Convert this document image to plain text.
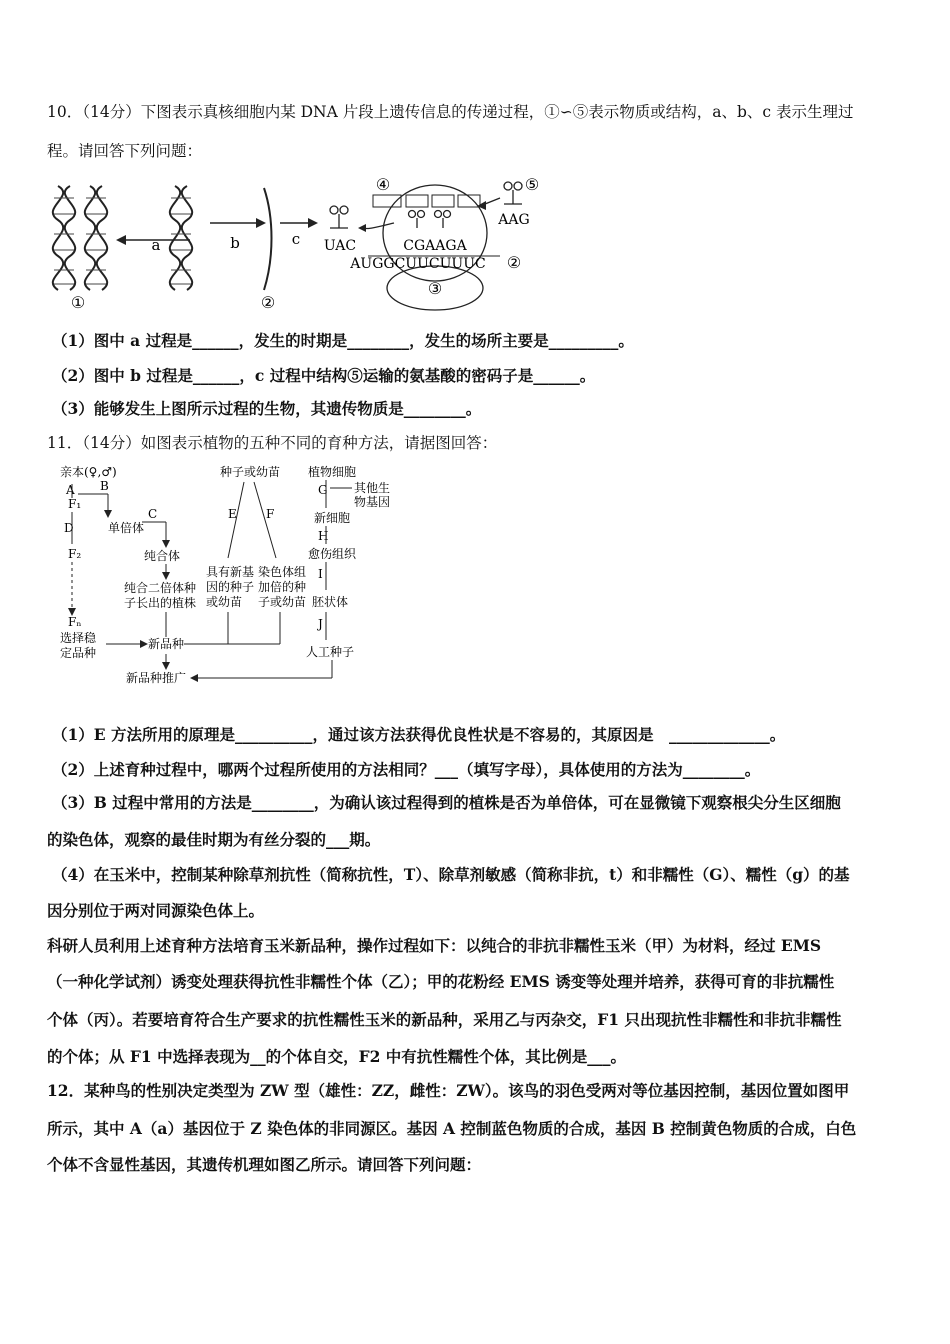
10．（14分）下图表示真核细胞内某 DNA 片段上遗传信息的传递过程，①∽⑤表示物质或结构，a、b、c 表示生理过
程。请回答下列问题：
①
a	b
②
c UAC
③
④	⑤
AAG
CGAAGA
AUGGCUUCUUUC ②
（1）图中 a 过程是______，发生的时期是________，发生的场所主要是_________。
（2）图中 b 过程是______，c 过程中结构⑤运输的氨基酸的密码子是______。
（3）能够发生上图所示过程的生物，其遗传物质是________。
11．（14分）如图表示植物的五种不同的育种方法，请据图回答：
亲本(♀,♂)
A
F₁
B
单倍体
D
F₂
C
纯合体
纯合二倍体种
子长出的植株
Fₙ
选择稳
定品种
新品种
新品种推广
种子或幼苗
E F
具有新基
因的种子
或幼苗
染色体组
加倍的种
子或幼苗
植物细胞
G 其他生
物基因
新细胞
H
愈伤组织
I
胚状体
J
人工种子
（1）E 方法所用的原理是__________，通过该方法获得优良性状是不容易的，其原因是　_____________。
（2）上述育种过程中，哪两个过程所使用的方法相同？___（填写字母），具体使用的方法为________。
（3）B 过程中常用的方法是________，为确认该过程得到的植株是否为单倍体，可在显微镜下观察根尖分生区细胞
的染色体，观察的最佳时期为有丝分裂的___期。
（4）在玉米中，控制某种除草剂抗性（简称抗性，T）、除草剂敏感（简称非抗，t）和非糯性（G）、糯性（g）的基
因分别位于两对同源染色体上。
科研人员利用上述育种方法培育玉米新品种，操作过程如下：以纯合的非抗非糯性玉米（甲）为材料，经过 EMS
（一种化学试剂）诱变处理获得抗性非糯性个体（乙）；甲的花粉经 EMS 诱变等处理并培养，获得可育的非抗糯性
个体（丙）。若要培育符合生产要求的抗性糯性玉米的新品种，采用乙与丙杂交，F1 只出现抗性非糯性和非抗非糯性
的个体；从 F1 中选择表现为__的个体自交，F2 中有抗性糯性个体，其比例是___。
12．某种鸟的性别决定类型为 ZW 型（雄性：ZZ，雌性：ZW）。该鸟的羽色受两对等位基因控制，基因位置如图甲
所示，其中 A（a）基因位于 Z 染色体的非同源区。基因 A 控制蓝色物质的合成，基因 B 控制黄色物质的合成，白色
个体不含显性基因，其遗传机理如图乙所示。请回答下列问题：
